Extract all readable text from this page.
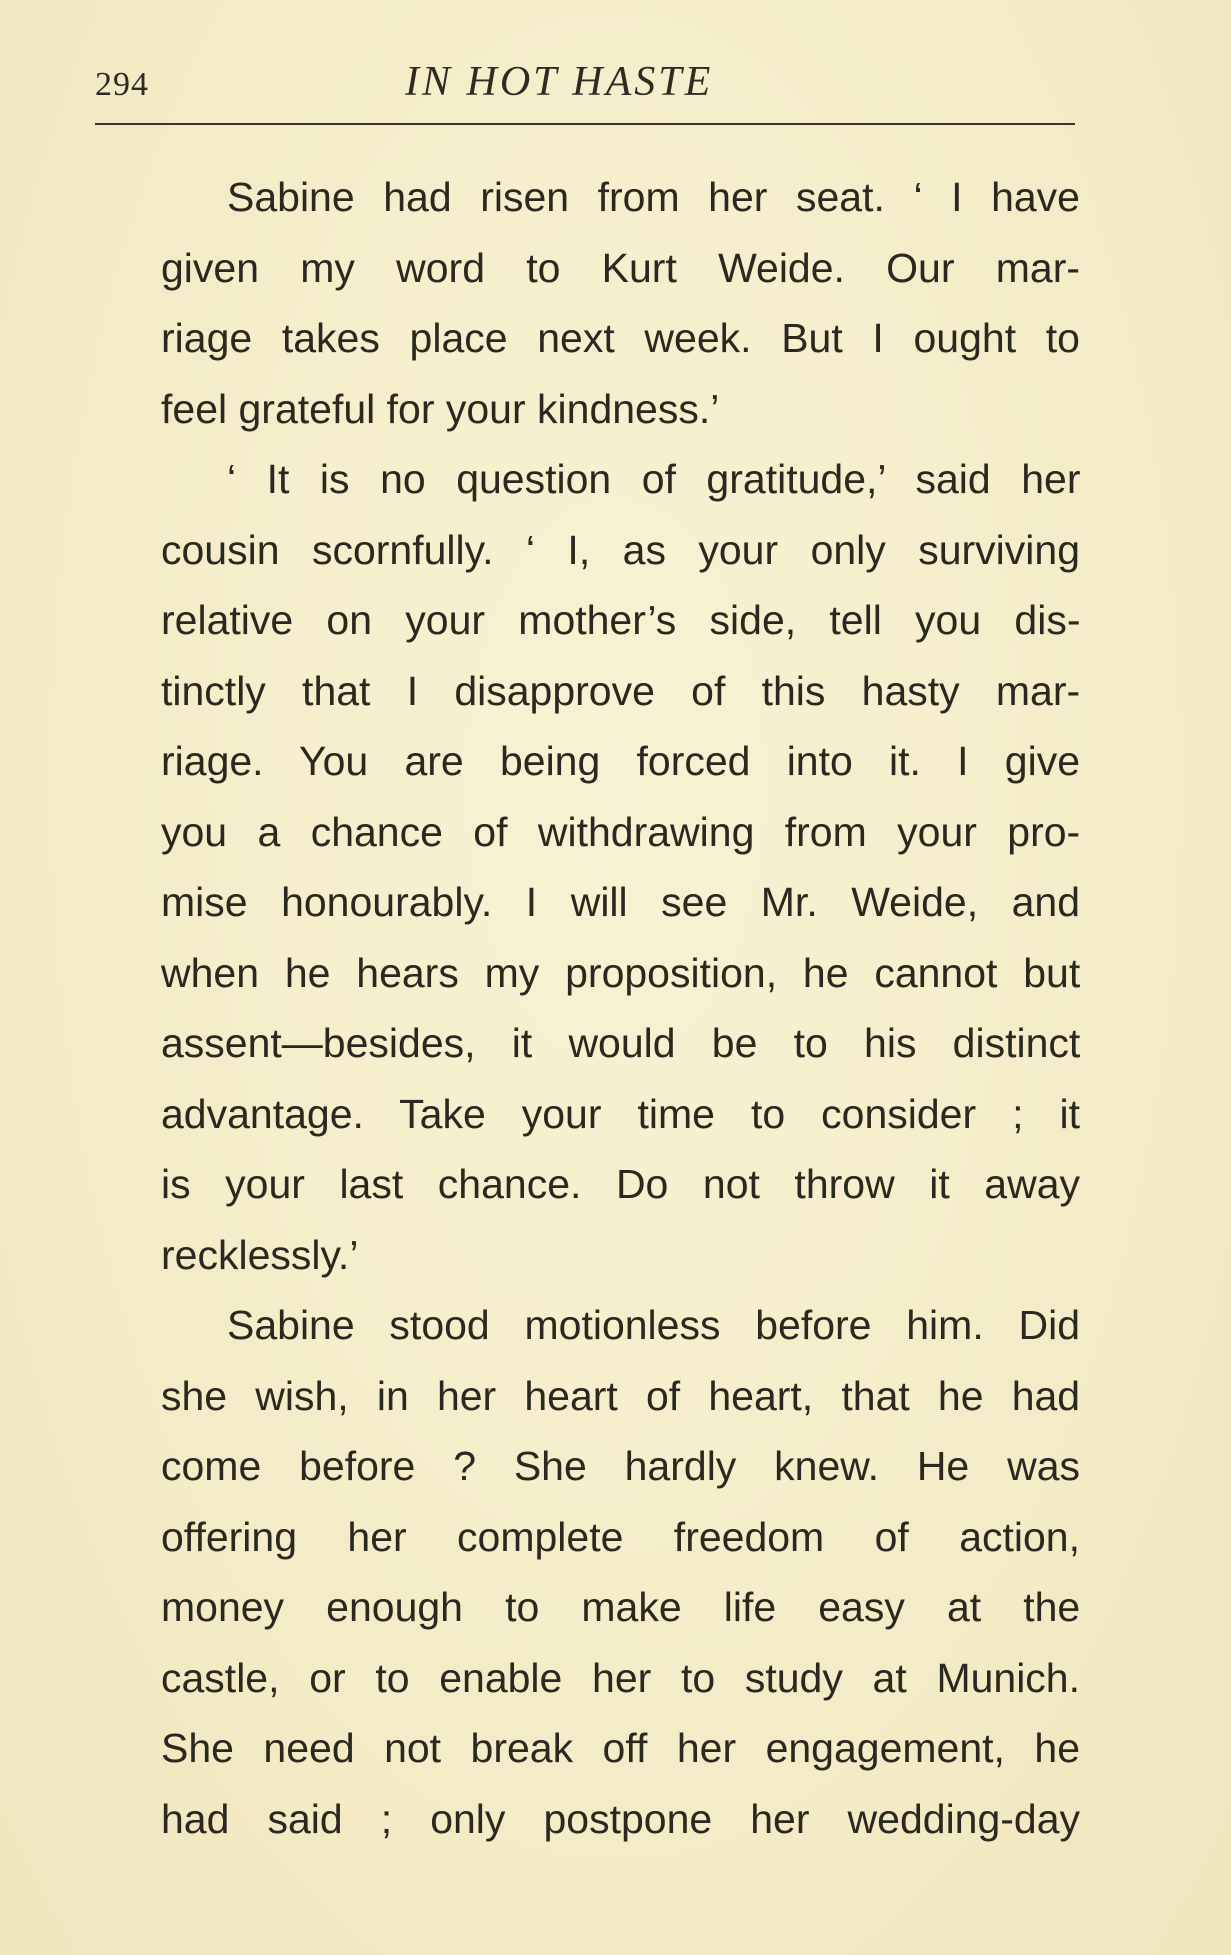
294	IN HOT HASTE
Sabine had risen from her seat. ‘ I have
given my word to Kurt Weide. Our mar-
riage takes place next week. But I ought to
feel grateful for your kindness.’
‘ It is no question of gratitude,’ said her
cousin scornfully. ‘ I, as your only surviving
relative on your mother’s side, tell you dis-
tinctly that I disapprove of this hasty mar-
riage. You are being forced into it. I give
you a chance of withdrawing from your pro-
mise honourably. I will see Mr. Weide, and
when he hears my proposition, he cannot but
assent—besides, it would be to his distinct
advantage. Take your time to consider ; it
is your last chance. Do not throw it away
recklessly.’
Sabine stood motionless before him. Did
she wish, in her heart of heart, that he had
come before ? She hardly knew. He was
offering her complete freedom of action,
money enough to make life easy at the
castle, or to enable her to study at Munich.
She need not break off her engagement, he
had said ; only postpone her wedding-day
